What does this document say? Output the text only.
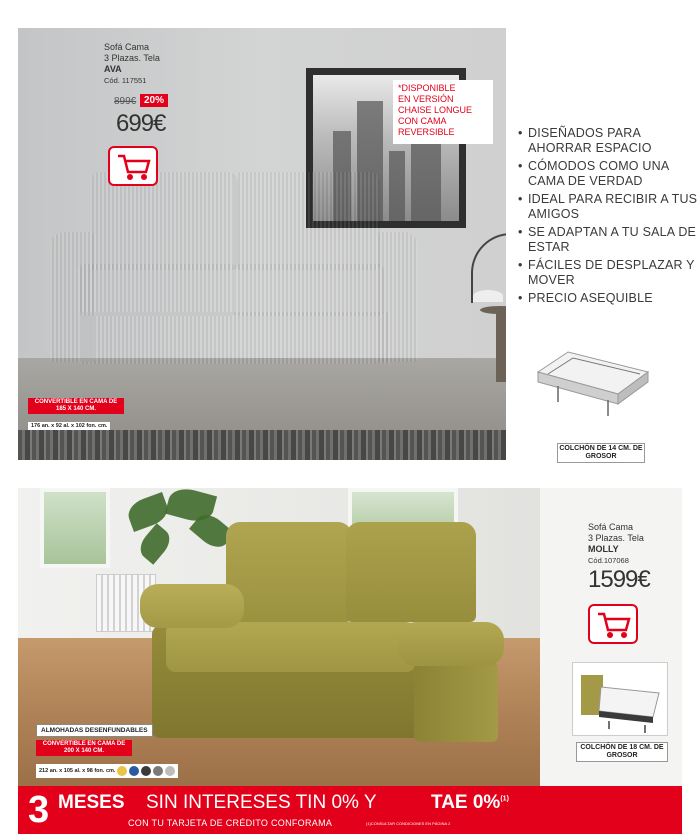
Sofá Cama
3 Plazas. Tela
AVA
Cód. 117551
899€ 20%
699€
*DISPONIBLE
EN VERSIÓN
CHAISE LONGUE
CON CAMA
REVERSIBLE
CONVERTIBLE EN CAMA DE 185 X 140 CM.
176 an. x 92 al. x 102 fon. cm.
• DISEÑADOS PARA AHORRAR ESPACIO
• CÓMODOS COMO UNA CAMA DE VERDAD
• IDEAL PARA RECIBIR A TUS AMIGOS
• SE ADAPTAN A TU SALA DE ESTAR
• FÁCILES DE DESPLAZAR Y MOVER
• PRECIO ASEQUIBLE
COLCHÓN DE 14 CM. DE GROSOR
Sofá Cama
3 Plazas. Tela
MOLLY
Cód.107068
1599€
COLCHÓN DE 18 CM. DE GROSOR
ALMOHADAS DESENFUNDABLES
CONVERTIBLE EN CAMA DE 200 X 140 CM.
212 an. x 105 al. x 98 fon. cm.
3 MESES SIN INTERESES TIN 0% Y	TAE 0%$^{(1)}$
CON TU TARJETA DE CRÉDITO CONFORAMA	(1)CONSULTAR CONDICIONES EN PÁGINA 2
